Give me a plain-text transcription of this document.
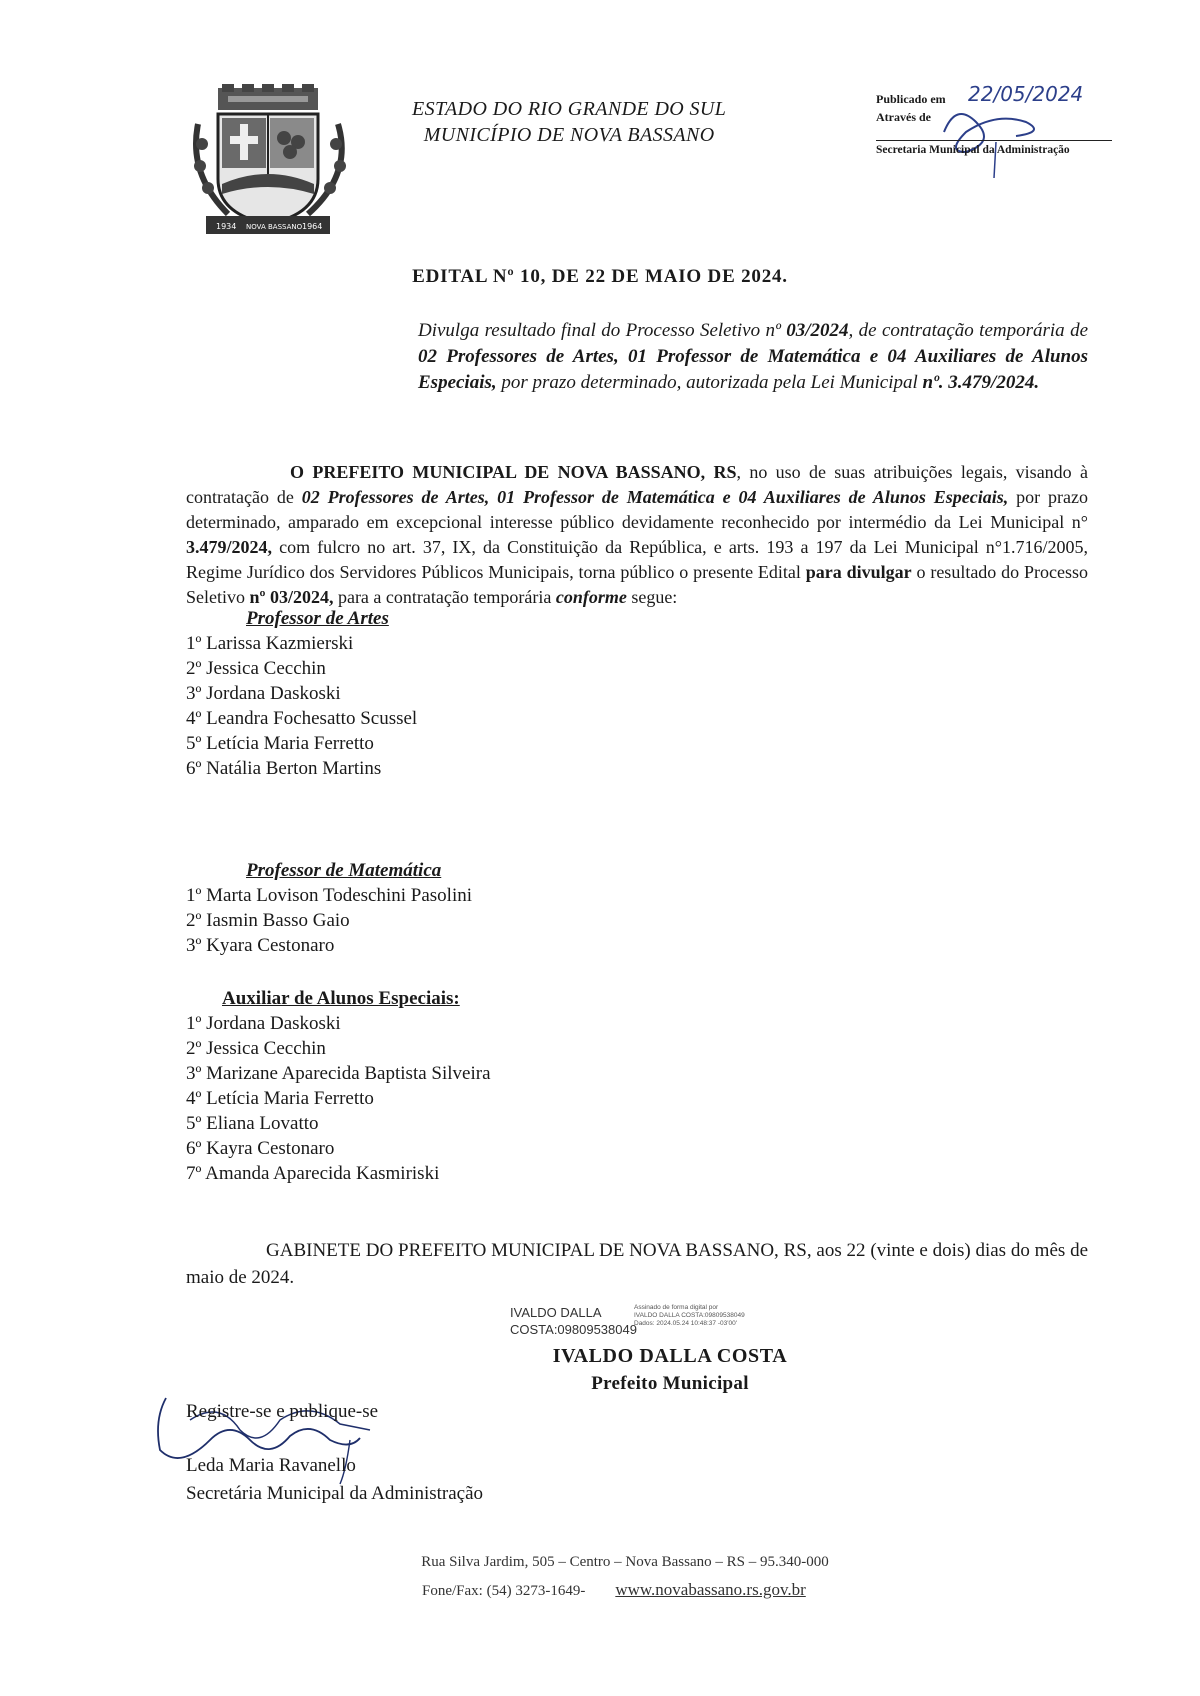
1934 NOVA BASSANO 1964
ESTADO DO RIO GRANDE DO SUL
MUNICÍPIO DE NOVA BASSANO
Publicado em 22/05/2024
Através de
Secretaria Municipal da Administração
EDITAL Nº 10, DE 22 DE MAIO DE 2024.
Divulga resultado final do Processo Seletivo nº 03/2024, de contratação temporária de 02 Professores de Artes, 01 Professor de Matemática e 04 Auxiliares de Alunos Especiais, por prazo determinado, autorizada pela Lei Municipal nº. 3.479/2024.
O PREFEITO MUNICIPAL DE NOVA BASSANO, RS, no uso de suas atribuições legais, visando à contratação de 02 Professores de Artes, 01 Professor de Matemática e 04 Auxiliares de Alunos Especiais, por prazo determinado, amparado em excepcional interesse público devidamente reconhecido por intermédio da Lei Municipal n° 3.479/2024, com fulcro no art. 37, IX, da Constituição da República, e arts. 193 a 197 da Lei Municipal n°1.716/2005, Regime Jurídico dos Servidores Públicos Municipais, torna público o presente Edital para divulgar o resultado do Processo Seletivo nº 03/2024, para a contratação temporária conforme segue:
Professor de Artes
1º Larissa Kazmierski
2º Jessica Cecchin
3º Jordana Daskoski
4º Leandra Fochesatto Scussel
5º Letícia Maria Ferretto
6º Natália Berton Martins
Professor de Matemática
1º Marta Lovison Todeschini Pasolini
2º Iasmin Basso Gaio
3º Kyara Cestonaro
Auxiliar de Alunos Especiais:
1º Jordana Daskoski
2º Jessica Cecchin
3º Marizane Aparecida Baptista Silveira
4º Letícia Maria Ferretto
5º Eliana Lovatto
6º Kayra Cestonaro
7º Amanda Aparecida Kasmiriski
GABINETE DO PREFEITO MUNICIPAL DE NOVA BASSANO, RS, aos 22 (vinte e dois) dias do mês de maio de 2024.
IVALDO DALLA
COSTA:09809538049
Assinado de forma digital por
IVALDO DALLA COSTA:09809538049
Dados: 2024.05.24 10:48:37 -03'00'
IVALDO DALLA COSTA
Prefeito Municipal
Registre-se e publique-se
Leda Maria Ravanello
Secretária Municipal da Administração
Rua Silva Jardim, 505 – Centro – Nova Bassano – RS – 95.340-000
Fone/Fax: (54) 3273-1649- www.novabassano.rs.gov.br
